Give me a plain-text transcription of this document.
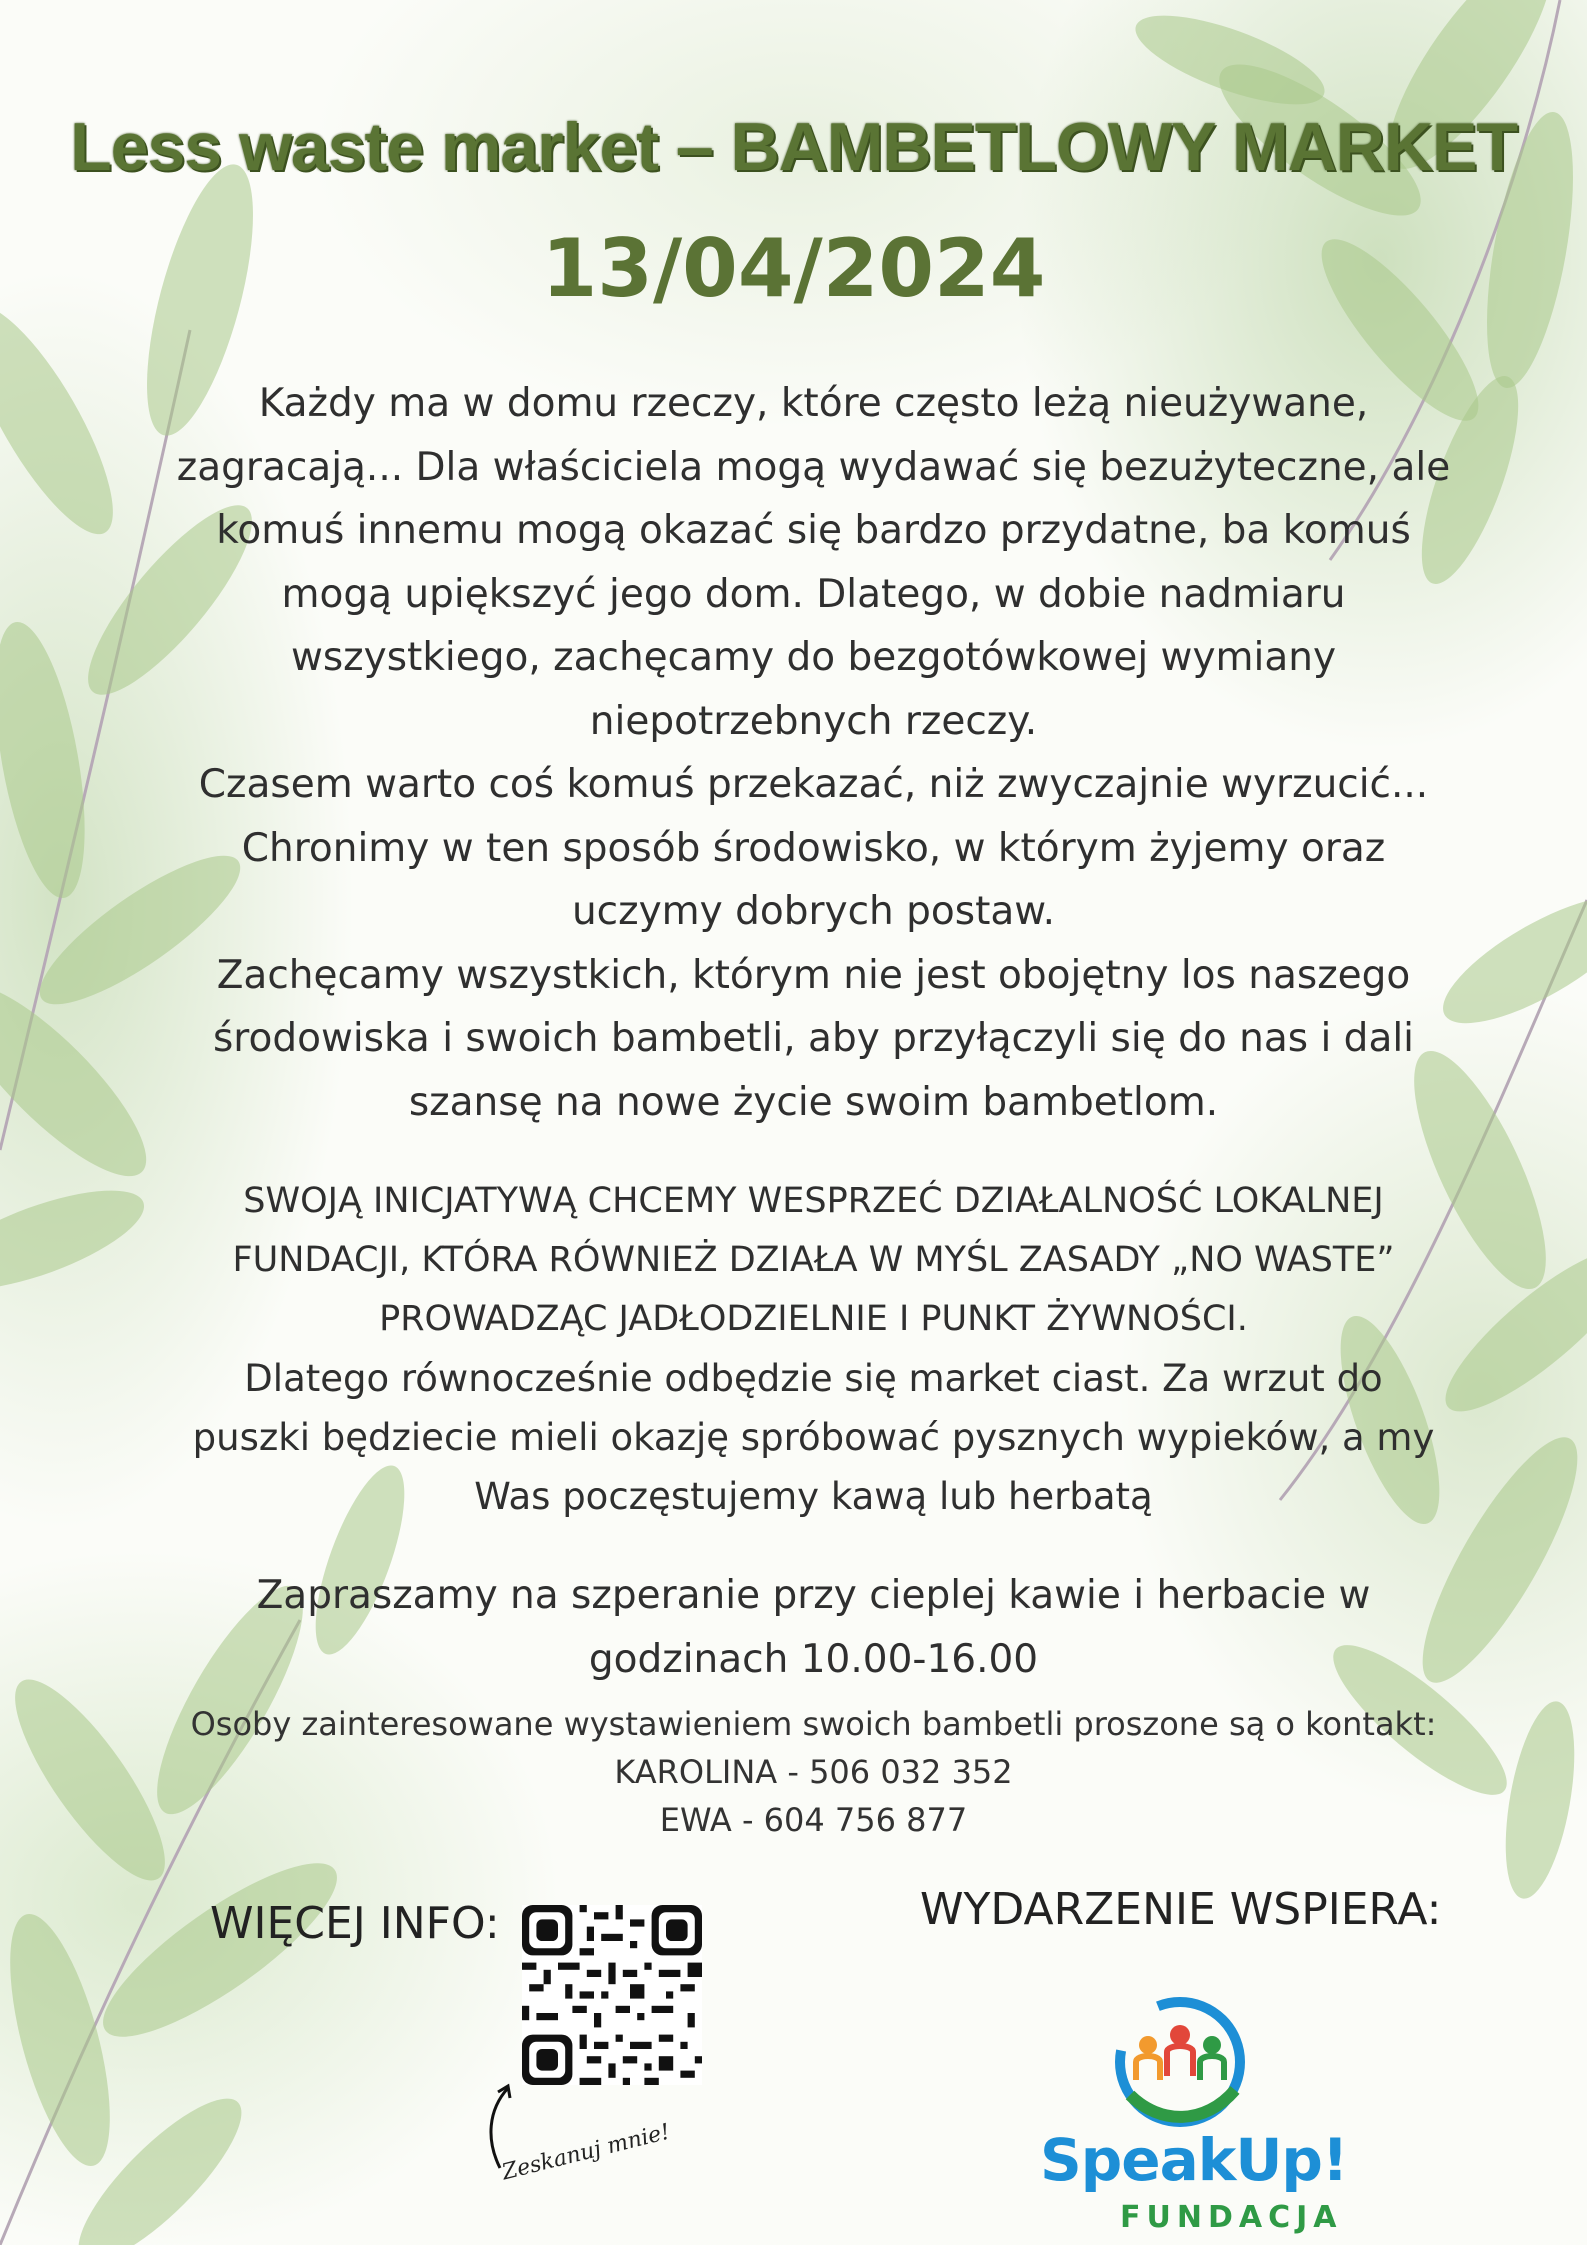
Less waste market – BAMBETLOWY MARKET
13/04/2024
Każdy ma w domu rzeczy, które często leżą nieużywane,
zagracają... Dla właściciela mogą wydawać się bezużyteczne, ale
komuś innemu mogą okazać się bardzo przydatne, ba komuś
mogą upiększyć jego dom. Dlatego, w dobie nadmiaru
wszystkiego, zachęcamy do bezgotówkowej wymiany
niepotrzebnych rzeczy.
Czasem warto coś komuś przekazać, niż zwyczajnie wyrzucić...
Chronimy w ten sposób środowisko, w którym żyjemy oraz
uczymy dobrych postaw.
Zachęcamy wszystkich, którym nie jest obojętny los naszego
środowiska i swoich bambetli, aby przyłączyli się do nas i dali
szansę na nowe życie swoim bambetlom.
SWOJĄ INICJATYWĄ CHCEMY WESPRZEĆ DZIAŁALNOŚĆ LOKALNEJ
FUNDACJI, KTÓRA RÓWNIEŻ DZIAŁA W MYŚL ZASADY „NO WASTE”
PROWADZĄC JADŁODZIELNIE I PUNKT ŻYWNOŚCI.
Dlatego równocześnie odbędzie się market ciast. Za wrzut do
puszki będziecie mieli okazję spróbować pysznych wypieków, a my
Was poczęstujemy kawą lub herbatą
Zapraszamy na szperanie przy cieplej kawie i herbacie w
godzinach 10.00-16.00
Osoby zainteresowane wystawieniem swoich bambetli proszone są o kontakt:
KAROLINA - 506 032 352
EWA - 604 756 877
WIĘCEJ INFO:
Zeskanuj mnie!
WYDARZENIE WSPIERA:
SpeakUp!
FUNDACJA
